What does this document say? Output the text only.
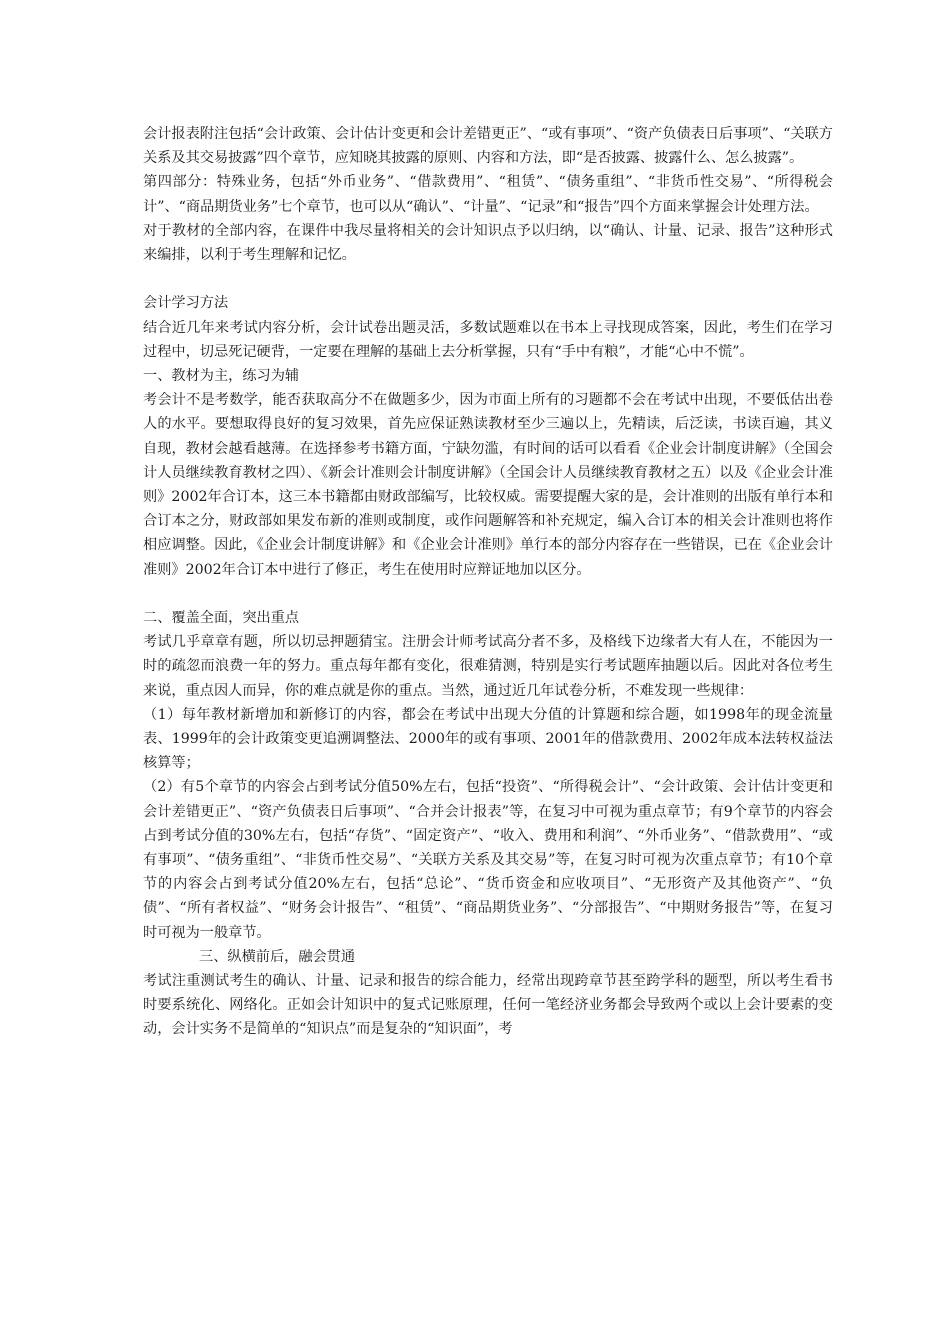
会计报表附注包括“会计政策、会计估计变更和会计差错更正”、“或有事项”、“资产负债表日后事项”、“关联方关系及其交易披露”四个章节，应知晓其披露的原则、内容和方法，即“是否披露、披露什么、怎么披露”。

第四部分：特殊业务，包括“外币业务”、“借款费用”、“租赁”、“债务重组”、“非货币性交易”、“所得税会计”、“商品期货业务”七个章节，也可以从“确认”、“计量”、“记录”和“报告”四个方面来掌握会计处理方法。

对于教材的全部内容，在课件中我尽量将相关的会计知识点予以归纳，以“确认、计量、记录、报告”这种形式来编排，以利于考生理解和记忆。

会计学习方法

结合近几年来考试内容分析，会计试卷出题灵活，多数试题难以在书本上寻找现成答案，因此，考生们在学习过程中，切忌死记硬背，一定要在理解的基础上去分析掌握，只有“手中有粮”，才能“心中不慌”。

一、教材为主，练习为辅

考会计不是考数学，能否获取高分不在做题多少，因为市面上所有的习题都不会在考试中出现，不要低估出卷人的水平。要想取得良好的复习效果，首先应保证熟读教材至少三遍以上，先精读，后泛读，书读百遍，其义自现，教材会越看越薄。在选择参考书籍方面，宁缺勿滥，有时间的话可以看看《企业会计制度讲解》（全国会计人员继续教育教材之四）、《新会计准则会计制度讲解》（全国会计人员继续教育教材之五）以及《企业会计准则》2002年合订本，这三本书籍都由财政部编写，比较权威。需要提醒大家的是，会计准则的出版有单行本和合订本之分，财政部如果发布新的准则或制度，或作问题解答和补充规定，编入合订本的相关会计准则也将作相应调整。因此，《企业会计制度讲解》和《企业会计准则》单行本的部分内容存在一些错误，已在《企业会计准则》2002年合订本中进行了修正，考生在使用时应辩证地加以区分。

二、覆盖全面，突出重点

考试几乎章章有题，所以切忌押题猜宝。注册会计师考试高分者不多，及格线下边缘者大有人在，不能因为一时的疏忽而浪费一年的努力。重点每年都有变化，很难猜测，特别是实行考试题库抽题以后。因此对各位考生来说，重点因人而异，你的难点就是你的重点。当然，通过近几年试卷分析，不难发现一些规律：

（1）每年教材新增加和新修订的内容，都会在考试中出现大分值的计算题和综合题，如1998年的现金流量表、1999年的会计政策变更追溯调整法、2000年的或有事项、2001年的借款费用、2002年成本法转权益法核算等；

（2）有5个章节的内容会占到考试分值50%左右，包括“投资”、“所得税会计”、“会计政策、会计估计变更和会计差错更正”、“资产负债表日后事项”、“合并会计报表”等，在复习中可视为重点章节；有9个章节的内容会占到考试分值的30%左右，包括“存货”、“固定资产”、“收入、费用和利润”、“外币业务”、“借款费用”、“或有事项”、“债务重组”、“非货币性交易”、“关联方关系及其交易”等，在复习时可视为次重点章节；有10个章节的内容会占到考试分值20%左右，包括“总论”、“货币资金和应收项目”、“无形资产及其他资产”、“负债”、“所有者权益”、“财务会计报告”、“租赁”、“商品期货业务”、“分部报告”、“中期财务报告”等，在复习时可视为一般章节。

三、纵横前后，融会贯通

考试注重测试考生的确认、计量、记录和报告的综合能力，经常出现跨章节甚至跨学科的题型，所以考生看书时要系统化、网络化。正如会计知识中的复式记账原理，任何一笔经济业务都会导致两个或以上会计要素的变动，会计实务不是简单的“知识点”而是复杂的“知识面”，考
